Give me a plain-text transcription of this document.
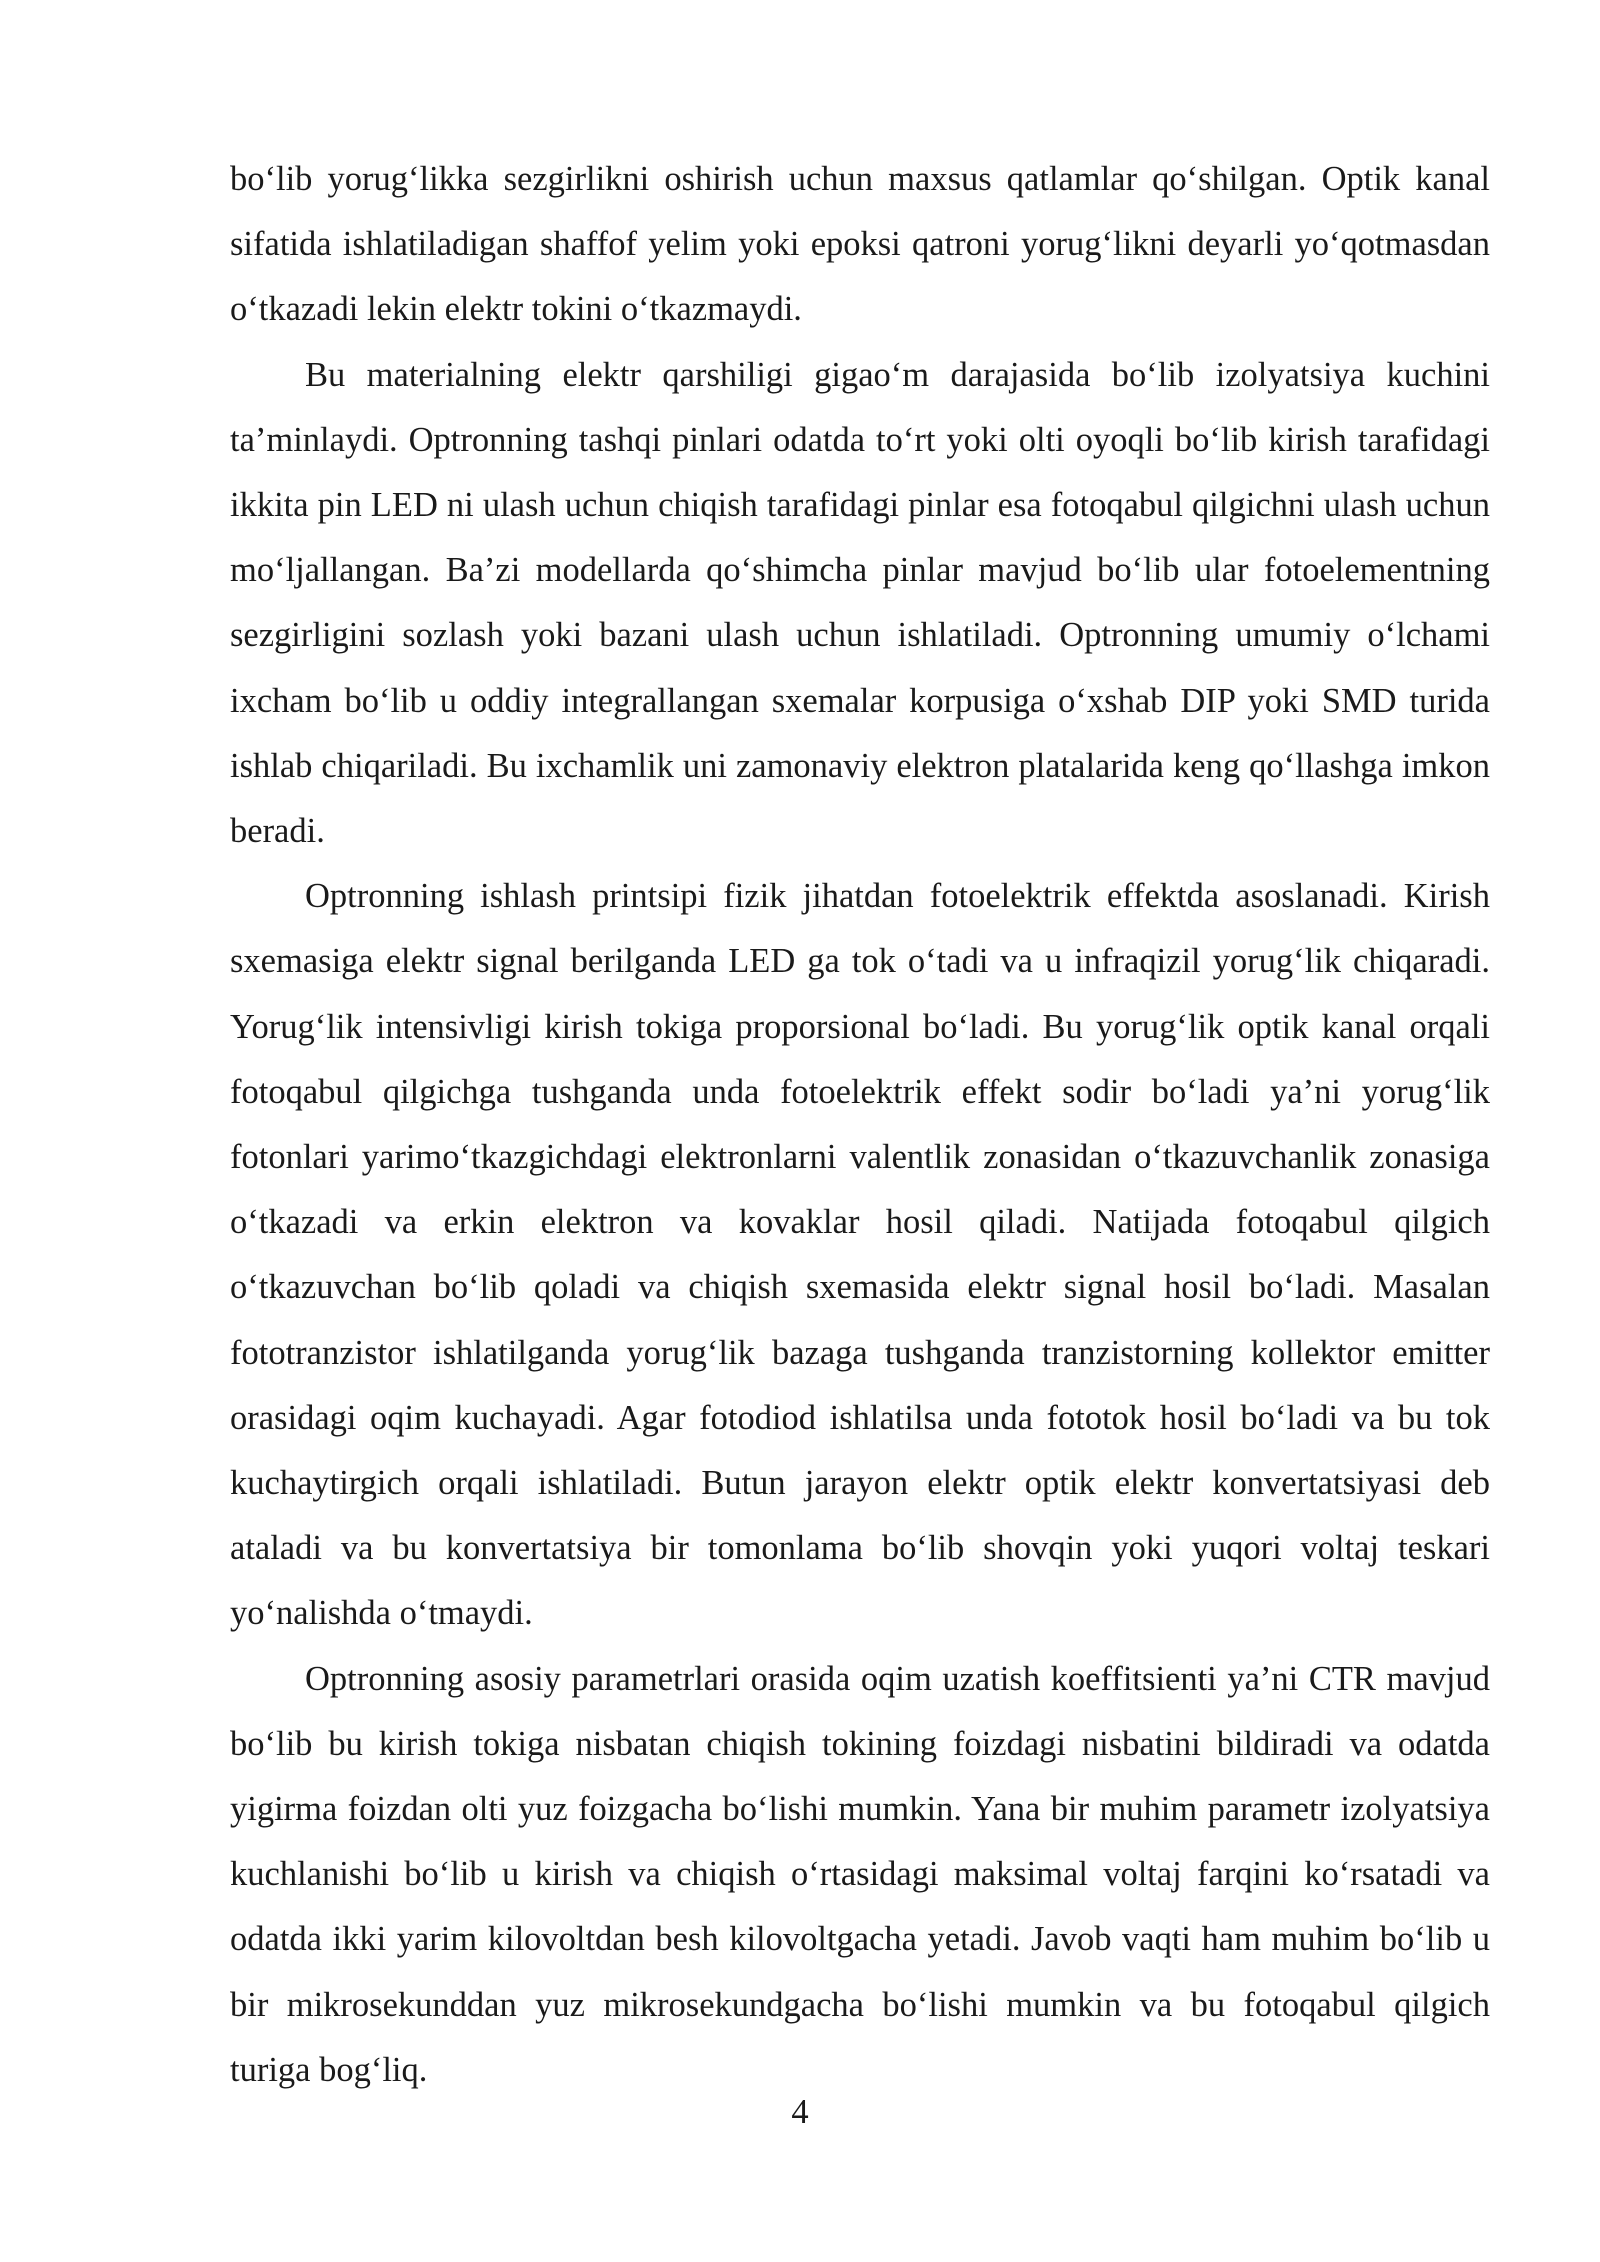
bo‘lib yorug‘likka sezgirlikni oshirish uchun maxsus qatlamlar qo‘shilgan. Optik kanal sifatida ishlatiladigan shaffof yelim yoki epoksi qatroni yorug‘likni deyarli yo‘qotmasdan o‘tkazadi lekin elektr tokini o‘tkazmaydi.

Bu materialning elektr qarshiligi gigao‘m darajasida bo‘lib izolyatsiya kuchini ta’minlaydi. Optronning tashqi pinlari odatda to‘rt yoki olti oyoqli bo‘lib kirish tarafidagi ikkita pin LED ni ulash uchun chiqish tarafidagi pinlar esa fotoqabul qilgichni ulash uchun mo‘ljallangan. Ba’zi modellarda qo‘shimcha pinlar mavjud bo‘lib ular fotoelementning sezgirligini sozlash yoki bazani ulash uchun ishlatiladi. Optronning umumiy o‘lchami ixcham bo‘lib u oddiy integrallangan sxemalar korpusiga o‘xshab DIP yoki SMD turida ishlab chiqariladi. Bu ixchamlik uni zamonaviy elektron platalarida keng qo‘llashga imkon beradi.

Optronning ishlash printsipi fizik jihatdan fotoelektrik effektda asoslanadi. Kirish sxemasiga elektr signal berilganda LED ga tok o‘tadi va u infraqizil yorug‘lik chiqaradi. Yorug‘lik intensivligi kirish tokiga proporsional bo‘ladi. Bu yorug‘lik optik kanal orqali fotoqabul qilgichga tushganda unda fotoelektrik effekt sodir bo‘ladi ya’ni yorug‘lik fotonlari yarimo‘tkazgichdagi elektronlarni valentlik zonasidan o‘tkazuvchanlik zonasiga o‘tkazadi va erkin elektron va kovaklar hosil qiladi. Natijada fotoqabul qilgich o‘tkazuvchan bo‘lib qoladi va chiqish sxemasida elektr signal hosil bo‘ladi. Masalan fototranzistor ishlatilganda yorug‘lik bazaga tushganda tranzistorning kollektor emitter orasidagi oqim kuchayadi. Agar fotodiod ishlatilsa unda fototok hosil bo‘ladi va bu tok kuchaytirgich orqali ishlatiladi. Butun jarayon elektr optik elektr konvertatsiyasi deb ataladi va bu konvertatsiya bir tomonlama bo‘lib shovqin yoki yuqori voltaj teskari yo‘nalishda o‘tmaydi.

Optronning asosiy parametrlari orasida oqim uzatish koeffitsienti ya’ni CTR mavjud bo‘lib bu kirish tokiga nisbatan chiqish tokining foizdagi nisbatini bildiradi va odatda yigirma foizdan olti yuz foizgacha bo‘lishi mumkin. Yana bir muhim parametr izolyatsiya kuchlanishi bo‘lib u kirish va chiqish o‘rtasidagi maksimal voltaj farqini ko‘rsatadi va odatda ikki yarim kilovoltdan besh kilovoltgacha yetadi. Javob vaqti ham muhim bo‘lib u bir mikrosekunddan yuz mikrosekundgacha bo‘lishi mumkin va bu fotoqabul qilgich turiga bog‘liq.

4
